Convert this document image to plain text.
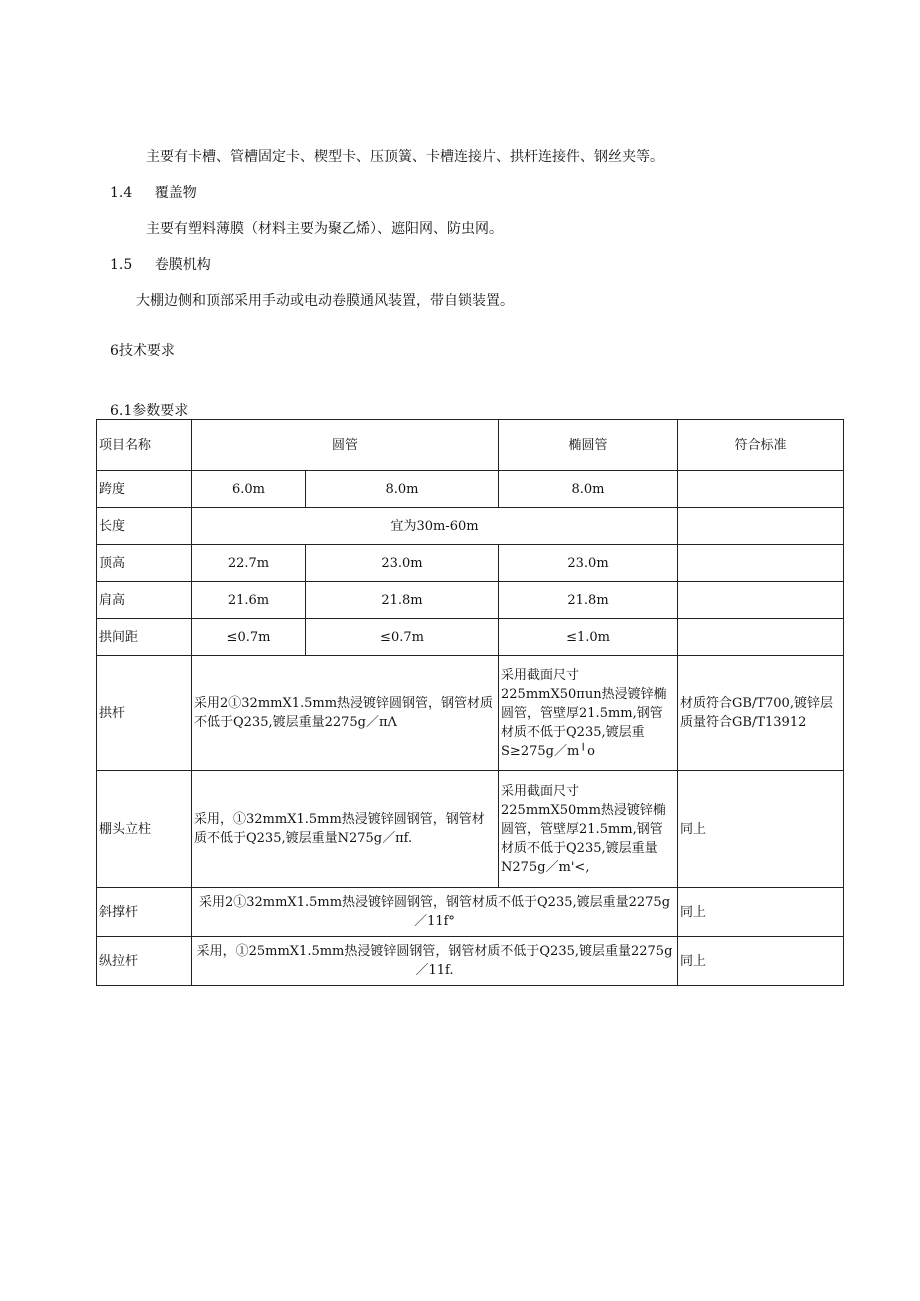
主要有卡槽、管槽固定卡、楔型卡、压顶簧、卡槽连接片、拱杆连接件、钢丝夹等。
1.4 覆盖物
主要有塑料薄膜（材料主要为聚乙烯）、遮阳网、防虫网。
1.5 卷膜机构
大棚边侧和顶部采用手动或电动卷膜通风装置，带自锁装置。
6技术要求
6.1参数要求
项目名称	圆管		椭圆管	符合标准
跨度	6.0m	8.0m	8.0m	
长度	宜为30m-60m			
顶高	22.7m	23.0m	23.0m	
肩高	21.6m	21.8m	21.8m	
拱间距	≤0.7m	≤0.7m	≤1.0m	
拱杆	采用2①32mmX1.5mm热浸镀锌圆钢管，钢管材质不低于Q235,镀层重量2275g／πΛ		采用截面尺寸225mmX50πun热浸镀锌椭圆管，管壁厚21.5mm,钢管材质不低于Q235,镀层重S≥275g／m╵o	材质符合GB/T700,镀锌层质量符合GB/T13912
棚头立柱	采用，①32mmX1.5mm热浸镀锌圆钢管，钢管材质不低于Q235,镀层重量N275g／πf.		采用截面尺寸225mmX50mm热浸镀锌椭圆管，管壁厚21.5mm,钢管材质不低于Q235,镀层重量N275g／m'<,	同上
斜撑杆	采用2①32mmX1.5mm热浸镀锌圆钢管，钢管材质不低于Q235,镀层重量2275g／11f°			同上
纵拉杆	采用，①25mmX1.5mm热浸镀锌圆钢管，钢管材质不低于Q235,镀层重量2275g／11f.			同上
